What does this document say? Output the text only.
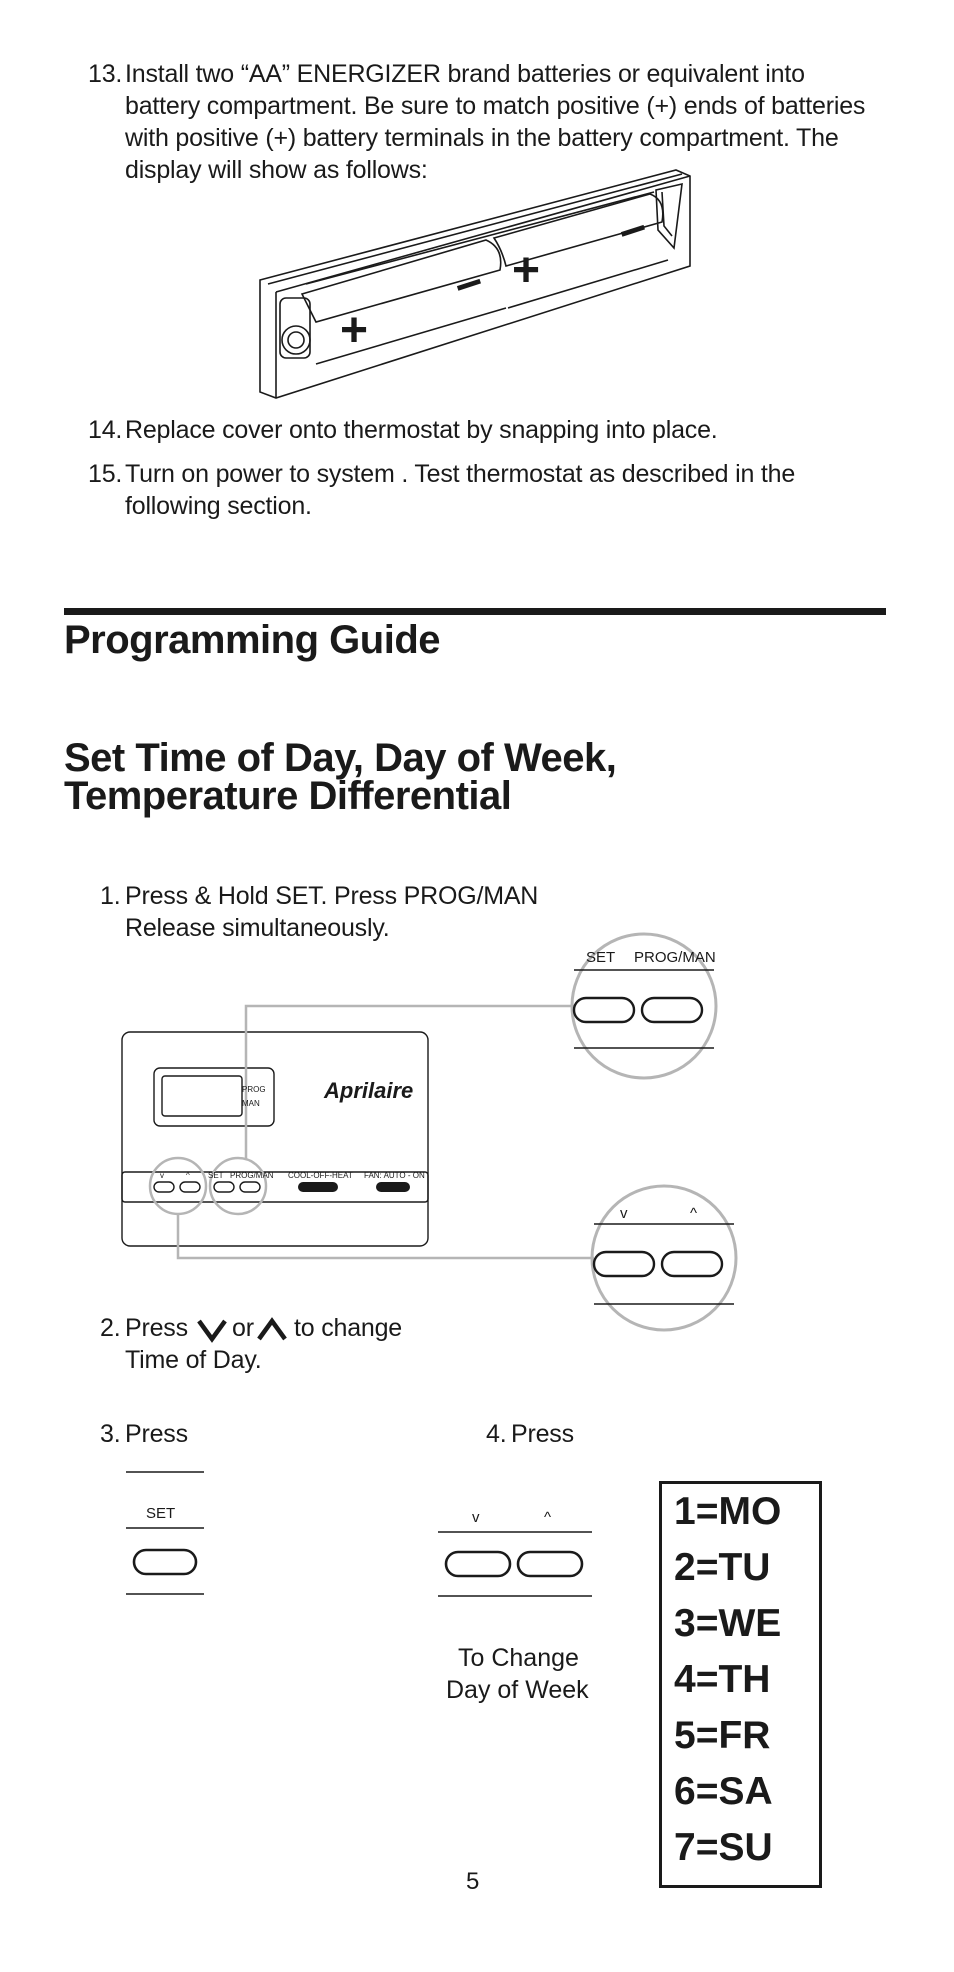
13. Install two “AA” ENERGIZER brand batteries or equivalent into
battery compartment. Be sure to match positive (+) ends of batteries
with positive (+) battery terminals in the battery compartment. The
display will show as follows:
+
– +
–
14. Replace cover onto thermostat by snapping into place.
15. Turn on power to system . Test thermostat as described in the
following section.
Programming Guide
Set Time of Day, Day of Week,
Temperature Differential
1. Press & Hold SET. Press PROG/MAN
Release simultaneously.
Aprilaire
PROG
MAN
v	^ SET PROG/MAN COOL-OFF-HEAT FAN: AUTO - ON
SET PROG/MAN
v	^
2. Press or to change
Time of Day.
3. Press
SET
4. Press
v	^
To Change
Day of Week
1=MO
2=TU
3=WE
4=TH
5=FR
6=SA
7=SU
5
